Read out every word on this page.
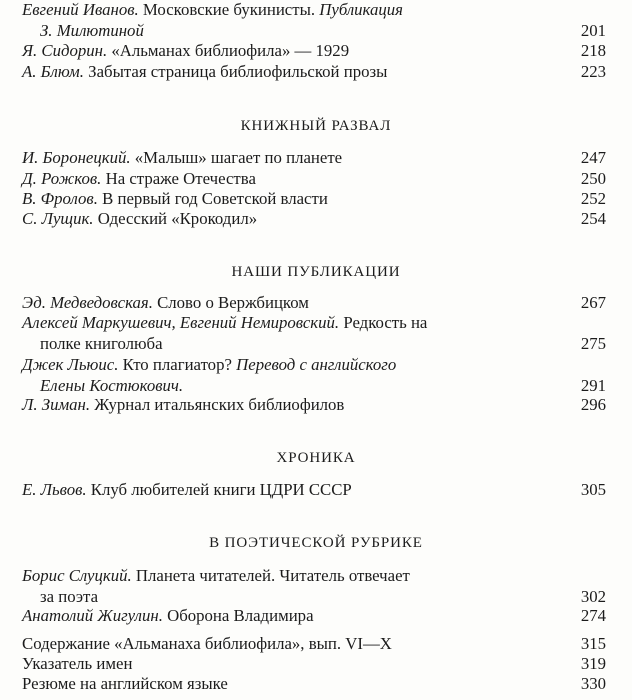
Евгений Иванов. Московские букинисты. Публикация
З. Милютиной	201
Я. Сидорин. «Альманах библиофила» — 1929	218
А. Блюм. Забытая страница библиофильской прозы	223
КНИЖНЫЙ РАЗВАЛ
И. Боронецкий. «Малыш» шагает по планете	247
Д. Рожков. На страже Отечества	250
В. Фролов. В первый год Советской власти	252
С. Лущик. Одесский «Крокодил»	254
НАШИ ПУБЛИКАЦИИ
Эд. Медведовская. Слово о Вержбицком	267
Алексей Маркушевич, Евгений Немировский. Редкость на
полке книголюба	275
Джек Льюис. Кто плагиатор? Перевод с английского
Елены Костюкович.	291
Л. Зиман. Журнал итальянских библиофилов	296
ХРОНИКА
Е. Львов. Клуб любителей книги ЦДРИ СССР	305
В ПОЭТИЧЕСКОЙ РУБРИКЕ
Борис Слуцкий. Планета читателей. Читатель отвечает
за поэта	302
Анатолий Жигулин. Оборона Владимира	274
Содержание «Альманаха библиофила», вып. VI—X	315
Указатель имен	319
Резюме на английском языке	330
